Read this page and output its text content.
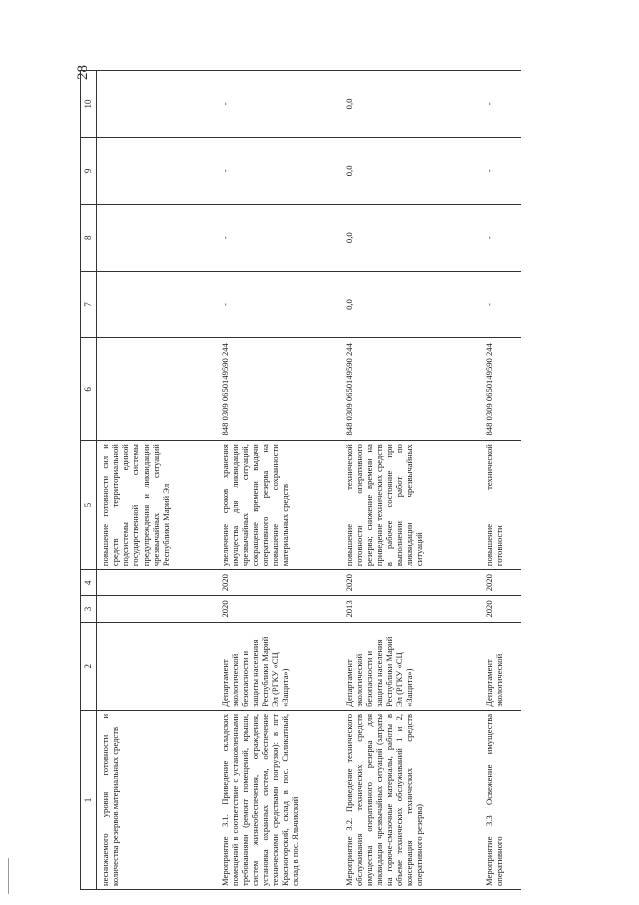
28
1	2	3	4	5	6	7	8	9	10
неснижаемого уровня готовности и количества резервов материальных средств				повышение готовности сил и средств территориальной подсистемы единой государственной системы предупреждения и ликвидации чрезвычайных ситуаций Республики Марий Эл					
Мероприятие 3.1. Приведение складских помещений в соответствие с установленными требованиями (ремонт помещений, крыши, систем жизнеобеспечения, ограждения, установка охранных систем, обеспечение техническими средствами погрузки): в пгт Красногорский, склад в пос. Силикатный, склад в пос. Яльчикский	Департамент экологической безопасности и защиты населения Республики Марий Эл (РГКУ «СЦ «Защита»)	2020	2020	увеличение сроков хранения имущества для ликвидации чрезвычайных ситуаций, сокращение времени выдачи оперативного резерва на повышение сохранности материальных средств	848 0309 0650149590 244	-	-	-	-
Мероприятие 3.2. Проведение технического обслуживания технических средств имущества оперативного резерва для ликвидации чрезвычайных ситуаций (затраты на горюче-смазочные материалы, работы в объеме технических обслуживаний 1 и 2, консервация технических средств оперативного резерва)	Департамент экологической безопасности и защиты населения Республики Марий Эл (РГКУ «СЦ «Защита»)	2013	2020	повышение технической готовности оперативного резерва; снижение времени на приведение технических средств в рабочее состояние при выполнении работ по ликвидации чрезвычайных ситуаций	848 0309 0650149590 244	0,0	0,0	0,0	0,0
Мероприятие 3.3 Освежение имущества оперативного	Департамент экологической	2020	2020	повышение технической готовности	848 0309 0650149590 244	-	-	-	-
